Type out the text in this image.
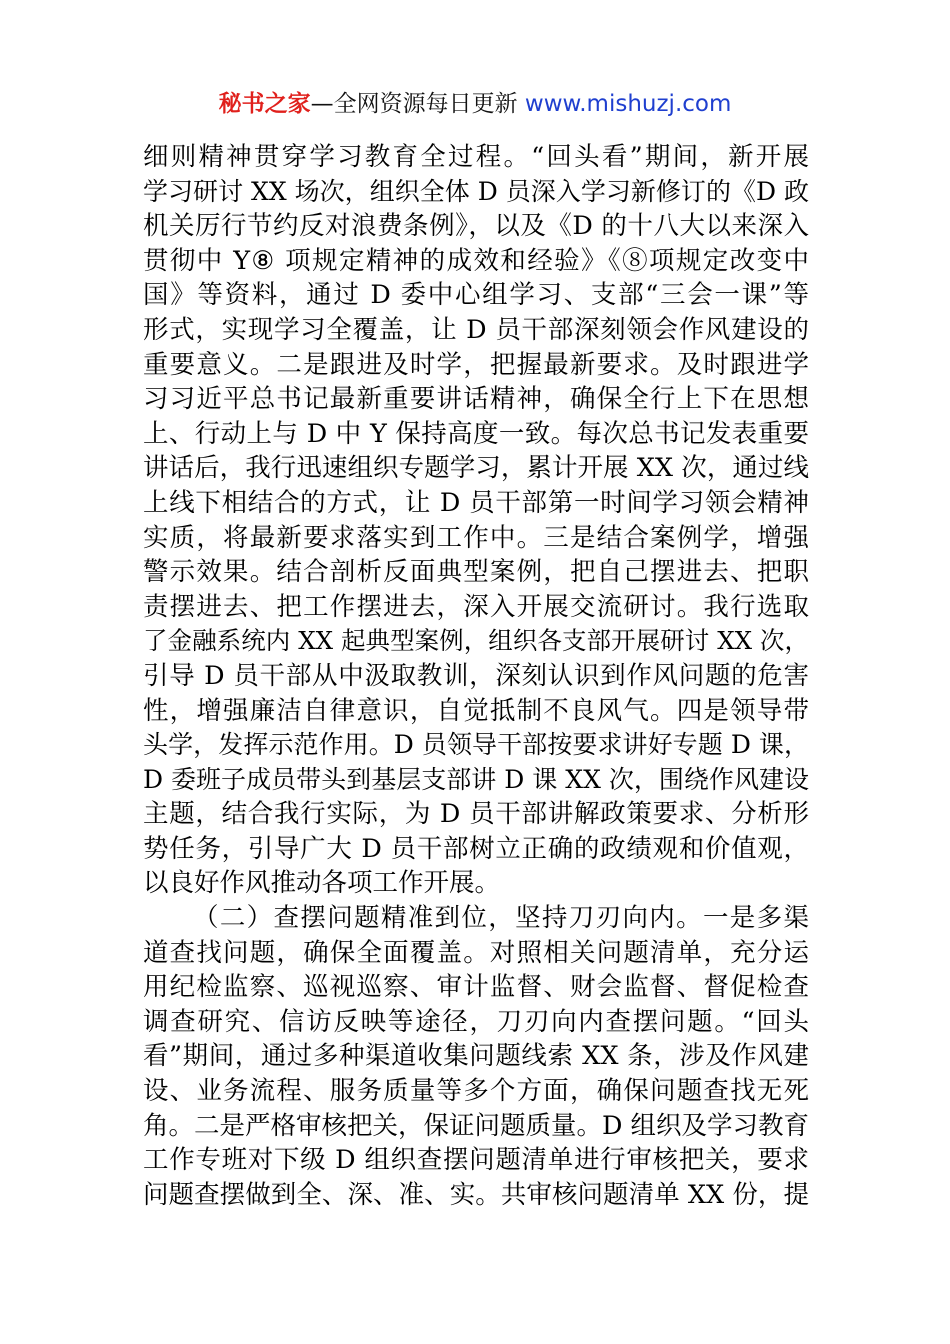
秘书之家—全网资源每日更新 www.mishuzj.com
细则精神贯穿学习教育全过程。“回头看”期间，新开展
学习研讨 XX 场次，组织全体 D 员深入学习新修订的《D 政
机关厉行节约反对浪费条例》，以及《D 的十八大以来深入
贯彻中 Y⑧ 项规定精神的成效和经验》《⑧项规定改变中
国》等资料，通过 D 委中心组学习、支部“三会一课”等
形式，实现学习全覆盖，让 D 员干部深刻领会作风建设的
重要意义。二是跟进及时学，把握最新要求。及时跟进学
习习近平总书记最新重要讲话精神，确保全行上下在思想
上、行动上与 D 中 Y 保持高度一致。每次总书记发表重要
讲话后，我行迅速组织专题学习，累计开展 XX 次，通过线
上线下相结合的方式，让 D 员干部第一时间学习领会精神
实质，将最新要求落实到工作中。三是结合案例学，增强
警示效果。结合剖析反面典型案例，把自己摆进去、把职
责摆进去、把工作摆进去，深入开展交流研讨。我行选取
了金融系统内 XX 起典型案例，组织各支部开展研讨 XX 次，
引导 D 员干部从中汲取教训，深刻认识到作风问题的危害
性，增强廉洁自律意识，自觉抵制不良风气。四是领导带
头学，发挥示范作用。D 员领导干部按要求讲好专题 D 课，
D 委班子成员带头到基层支部讲 D 课 XX 次，围绕作风建设
主题，结合我行实际，为 D 员干部讲解政策要求、分析形
势任务，引导广大 D 员干部树立正确的政绩观和价值观，
以良好作风推动各项工作开展。
（二）查摆问题精准到位，坚持刀刃向内。一是多渠
道查找问题，确保全面覆盖。对照相关问题清单，充分运
用纪检监察、巡视巡察、审计监督、财会监督、督促检查
调查研究、信访反映等途径，刀刃向内查摆问题。“回头
看”期间，通过多种渠道收集问题线索 XX 条，涉及作风建
设、业务流程、服务质量等多个方面，确保问题查找无死
角。二是严格审核把关，保证问题质量。D 组织及学习教育
工作专班对下级 D 组织查摆问题清单进行审核把关，要求
问题查摆做到全、深、准、实。共审核问题清单 XX 份，提
